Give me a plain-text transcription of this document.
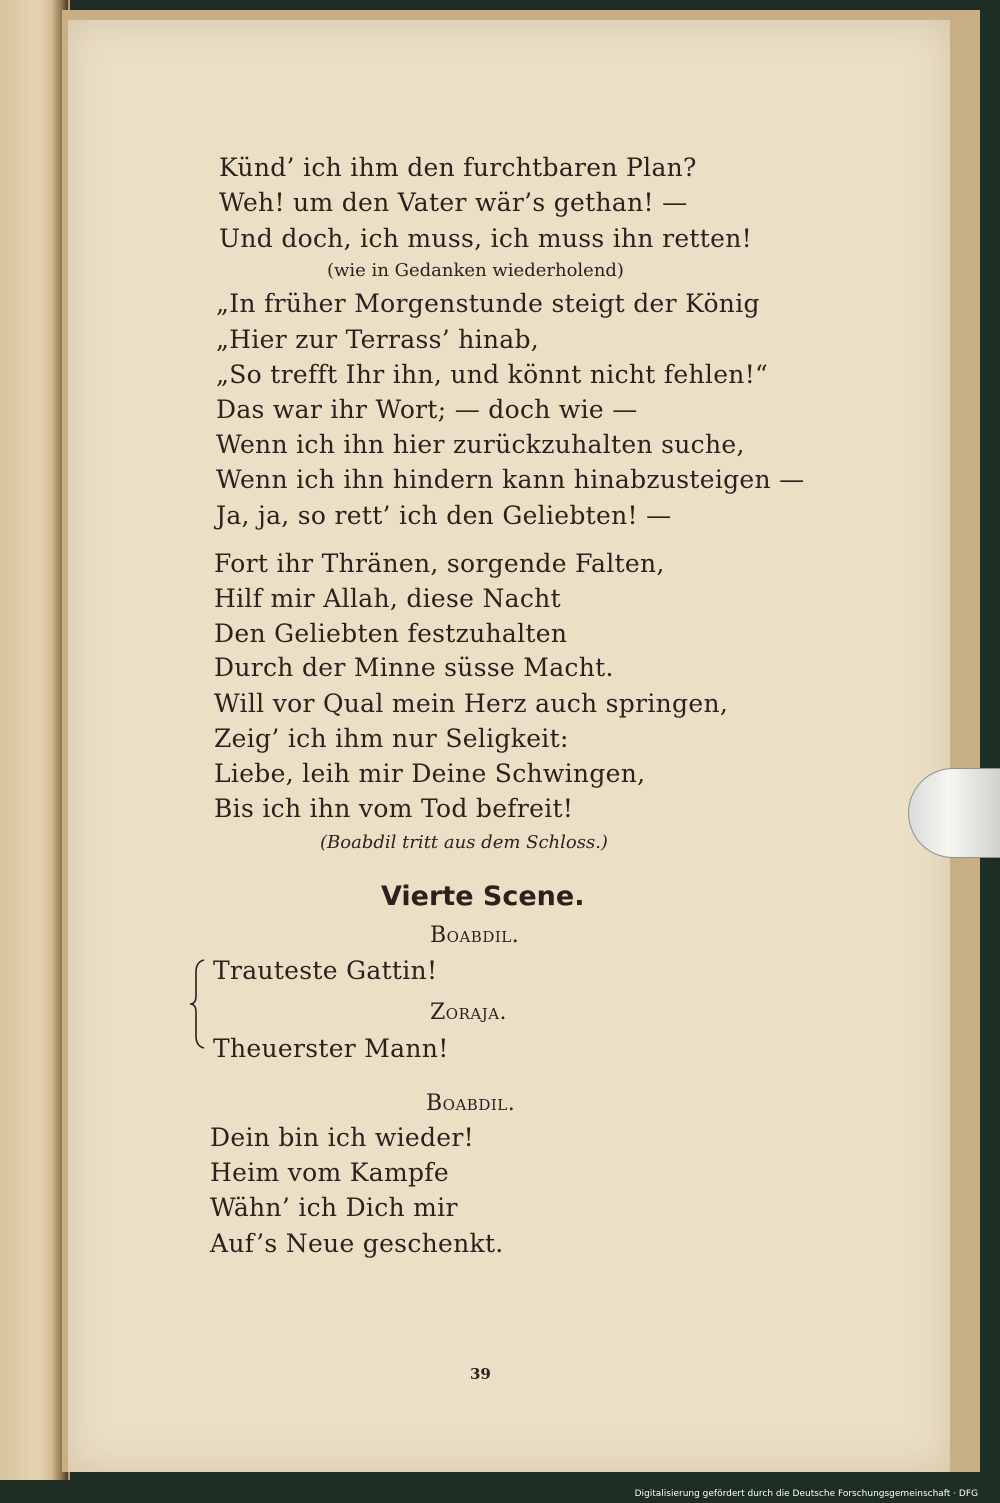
Künd’ ich ihm den furchtbaren Plan?
Weh! um den Vater wär’s gethan! —
Und doch, ich muss, ich muss ihn retten!
(wie in Gedanken wiederholend)
„In früher Morgenstunde steigt der König
„Hier zur Terrass’ hinab,
„So trefft Ihr ihn, und könnt nicht fehlen!“
Das war ihr Wort; — doch wie —
Wenn ich ihn hier zurückzuhalten suche,
Wenn ich ihn hindern kann hinabzusteigen —
Ja, ja, so rett’ ich den Geliebten! —
Fort ihr Thränen, sorgende Falten,
Hilf mir Allah, diese Nacht
Den Geliebten festzuhalten
Durch der Minne süsse Macht.
Will vor Qual mein Herz auch springen,
Zeig’ ich ihm nur Seligkeit:
Liebe, leih mir Deine Schwingen,
Bis ich ihn vom Tod befreit!
(Boabdil tritt aus dem Schloss.)
Vierte Scene.
Boabdil.
Trauteste Gattin!
Zoraja.
Theuerster Mann!
Boabdil.
Dein bin ich wieder!
Heim vom Kampfe
Wähn’ ich Dich mir
Auf’s Neue geschenkt.
39
Digitalisierung gefördert durch die Deutsche Forschungsgemeinschaft · DFG
